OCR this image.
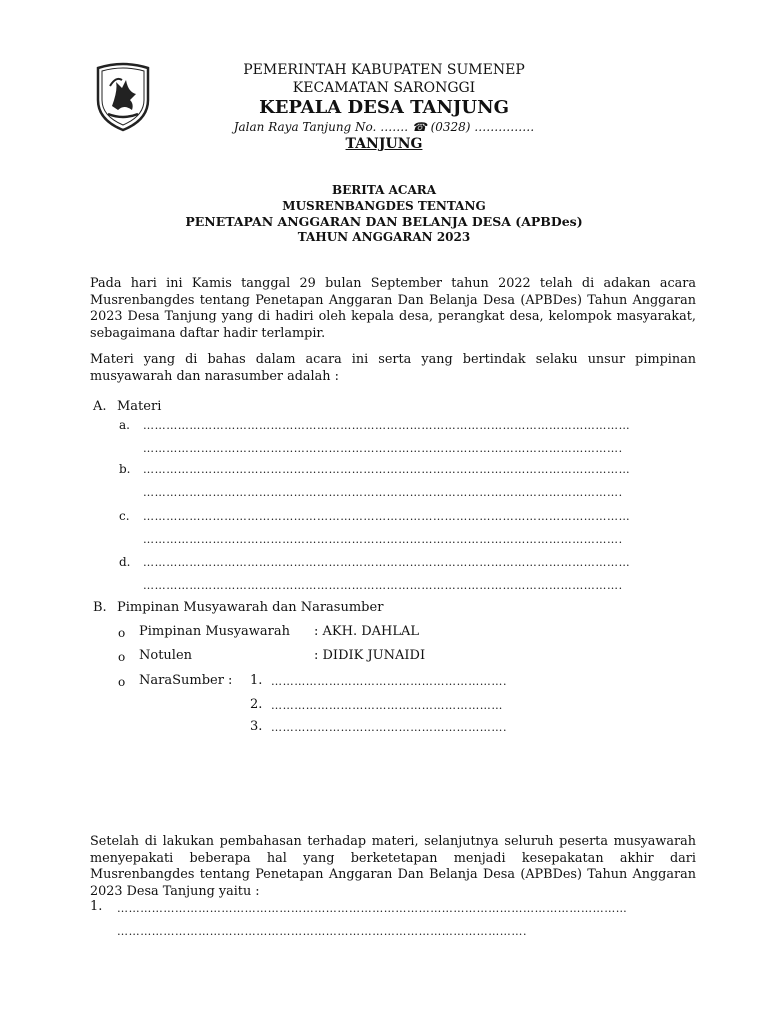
PEMERINTAH KABUPATEN SUMENEP
KECAMATAN SARONGGI
KEPALA DESA TANJUNG
Jalan Raya Tanjung No. ……. ☎ (0328) ……………
TANJUNG
BERITA ACARA
MUSRENBANGDES TENTANG
PENETAPAN ANGGARAN DAN BELANJA DESA (APBDes)
TAHUN ANGGARAN 2023
Pada hari ini Kamis tanggal 29 bulan September tahun 2022 telah di adakan acara Musrenbangdes tentang Penetapan Anggaran Dan Belanja Desa (APBDes) Tahun Anggaran 2023 Desa Tanjung yang di hadiri oleh kepala desa, perangkat desa, kelompok masyarakat, sebagaimana daftar hadir terlampir.
Materi yang di bahas dalam acara ini serta yang bertindak selaku unsur pimpinan musyawarah dan narasumber adalah :
A. Materi
a. ………………………………………………………………………………………………………………
…………………………………………………………………………………………………………….
b. ………………………………………………………………………………………………………………
…………………………………………………………………………………………………………….
c. ………………………………………………………………………………………………………………
…………………………………………………………………………………………………………….
d. ………………………………………………………………………………………………………………
…………………………………………………………………………………………………………….
B. Pimpinan Musyawarah dan Narasumber
o Pimpinan Musyawarah : AKH. DAHLAL
o Notulen	: DIDIK JUNAIDI
o NaraSumber : 1. …………………………………………………….
2. ……………………………………………………
3. …………………………………………………….
Setelah di lakukan pembahasan terhadap materi, selanjutnya seluruh peserta musyawarah menyepakati beberapa hal yang berketetapan menjadi kesepakatan akhir dari Musrenbangdes tentang Penetapan Anggaran Dan Belanja Desa (APBDes) Tahun Anggaran 2023 Desa Tanjung yaitu :
1. ……………………………………………………………………………………………………………………
…………………………………………………………………………………………….
